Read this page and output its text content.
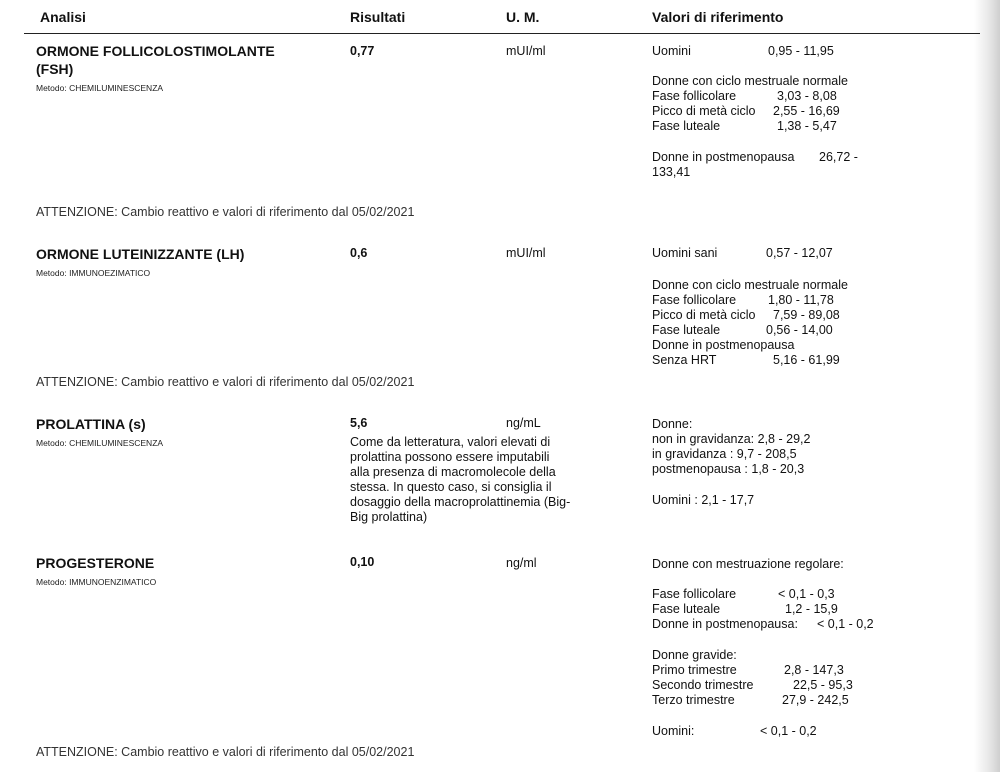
Analisi	Risultati	U. M.	Valori di riferimento
ORMONE FOLLICOLOSTIMOLANTE
(FSH)
Metodo: CHEMILUMINESCENZA
0,77	mUI/ml	Uomini	0,95 - 11,95
Donne con ciclo mestruale normale
Fase follicolare	3,03 - 8,08
Picco di metà ciclo 2,55 - 16,69
Fase luteale	1,38 - 5,47
Donne in postmenopausa 26,72 -
133,41
ATTENZIONE: Cambio reattivo e valori di riferimento dal 05/02/2021
ORMONE LUTEINIZZANTE (LH)
Metodo: IMMUNOEZIMATICO
0,6	mUI/ml	Uomini sani	0,57 - 12,07
Donne con ciclo mestruale normale
Fase follicolare	1,80 - 11,78
Picco di metà ciclo 7,59 - 89,08
Fase luteale	0,56 - 14,00
Donne in postmenopausa
Senza HRT	5,16 - 61,99
ATTENZIONE: Cambio reattivo e valori di riferimento dal 05/02/2021
PROLATTINA (s)
Metodo: CHEMILUMINESCENZA
5,6	ng/mL
Come da letteratura, valori elevati di
prolattina possono essere imputabili
alla presenza di macromolecole della
stessa. In questo caso, si consiglia il
dosaggio della macroprolattinemia (Big-
Big prolattina)
Donne:
non in gravidanza: 2,8 - 29,2
in gravidanza : 9,7 - 208,5
postmenopausa : 1,8 - 20,3
Uomini : 2,1 - 17,7
PROGESTERONE
Metodo: IMMUNOENZIMATICO
0,10	ng/ml	Donne con mestruazione regolare:
Fase follicolare	< 0,1 - 0,3
Fase luteale	1,2 - 15,9
Donne in postmenopausa: < 0,1 - 0,2
Donne gravide:
Primo trimestre	2,8 - 147,3
Secondo trimestre	22,5 - 95,3
Terzo trimestre	27,9 - 242,5
Uomini:	< 0,1 - 0,2
ATTENZIONE: Cambio reattivo e valori di riferimento dal 05/02/2021
